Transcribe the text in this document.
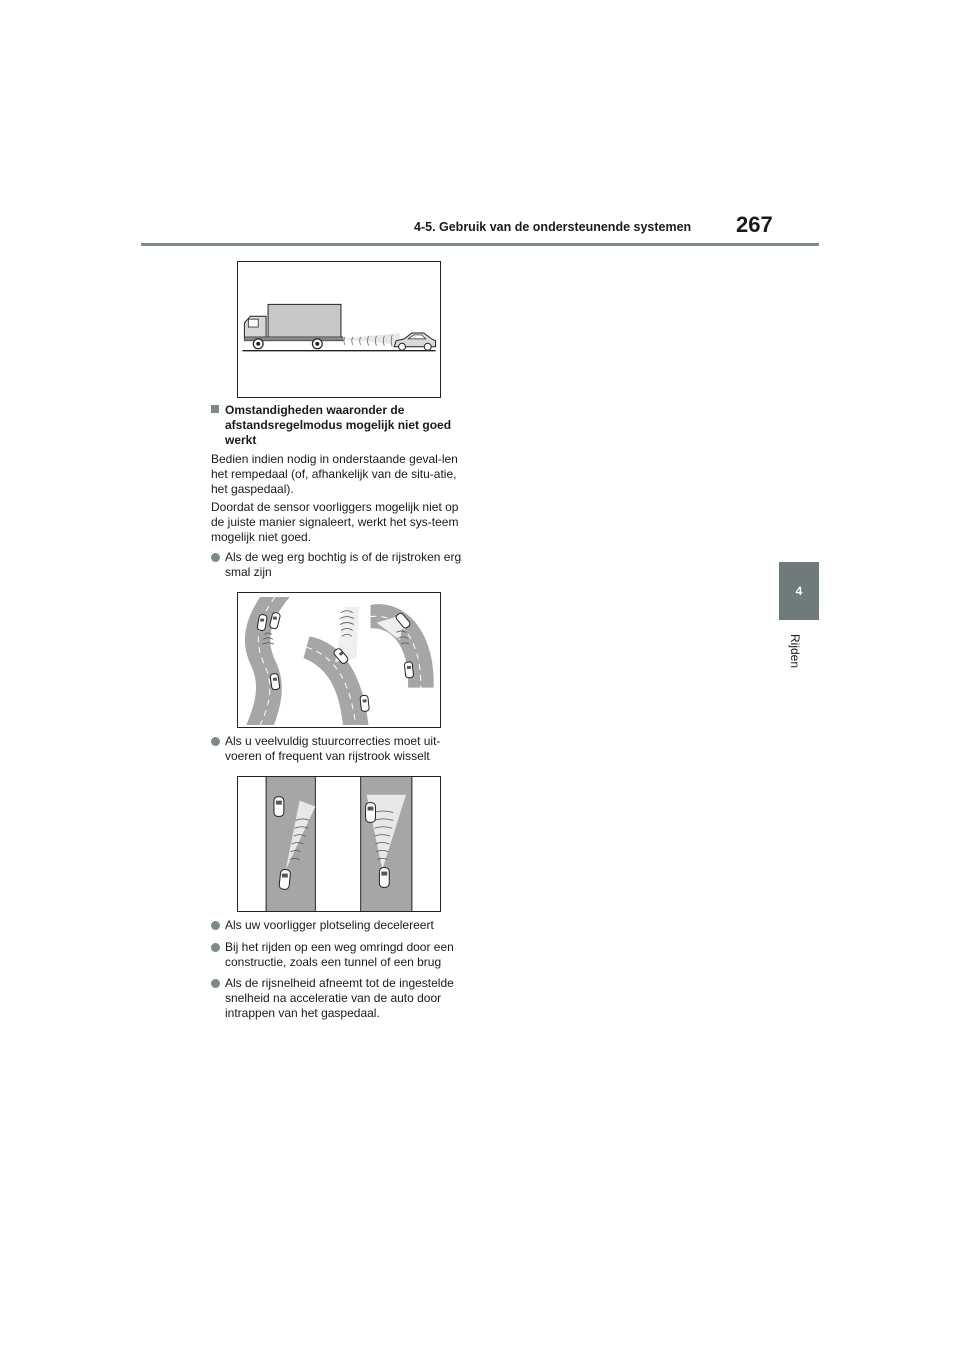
4-5. Gebruik van de ondersteunende systemen 267
4
Rijden
Omstandigheden waaronder de afstandsregelmodus mogelijk niet goed werkt
Bedien indien nodig in onderstaande geval-len het rempedaal (of, afhankelijk van de situ-atie, het gaspedaal).
Doordat de sensor voorliggers mogelijk niet op de juiste manier signaleert, werkt het sys-teem mogelijk niet goed.
Als de weg erg bochtig is of de rijstroken erg smal zijn
Als u veelvuldig stuurcorrecties moet uit-voeren of frequent van rijstrook wisselt
Als uw voorligger plotseling decelereert
Bij het rijden op een weg omringd door een constructie, zoals een tunnel of een brug
Als de rijsnelheid afneemt tot de ingestelde snelheid na acceleratie van de auto door intrappen van het gaspedaal.
